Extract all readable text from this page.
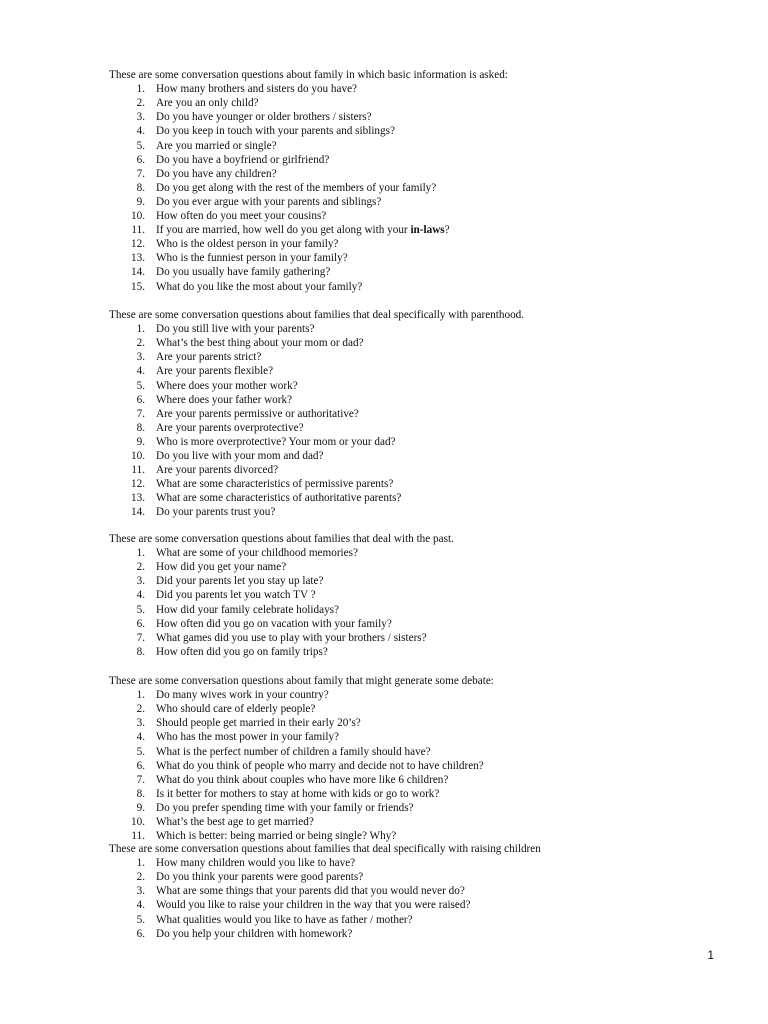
These are some conversation questions about family in which basic information is asked:

1. How many brothers and sisters do you have?
2. Are you an only child?
3. Do you have younger or older brothers / sisters?
4. Do you keep in touch with your parents and siblings?
5. Are you married or single?
6. Do you have a boyfriend or girlfriend?
7. Do you have any children?
8. Do you get along with the rest of the members of your family?
9. Do you ever argue with your parents and siblings?
10. How often do you meet your cousins?
11. If you are married, how well do you get along with your in-laws?
12. Who is the oldest person in your family?
13. Who is the funniest person in your family?
14. Do you usually have family gathering?
15. What do you like the most about your family?

These are some conversation questions about families that deal specifically with parenthood.

1. Do you still live with your parents?
2. What’s the best thing about your mom or dad?
3. Are your parents strict?
4. Are your parents flexible?
5. Where does your mother work?
6. Where does your father work?
7. Are your parents permissive or authoritative?
8. Are your parents overprotective?
9. Who is more overprotective? Your mom or your dad?
10. Do you live with your mom and dad?
11. Are your parents divorced?
12. What are some characteristics of permissive parents?
13. What are some characteristics of authoritative parents?
14. Do your parents trust you?

These are some conversation questions about families that deal with the past.

1. What are some of your childhood memories?
2. How did you get your name?
3. Did your parents let you stay up late?
4. Did you parents let you watch TV ?
5. How did your family celebrate holidays?
6. How often did you go on vacation with your family?
7. What games did you use to play with your brothers / sisters?
8. How often did you go on family trips?

These are some conversation questions about family that might generate some debate:

1. Do many wives work in your country?
2. Who should care of elderly people?
3. Should people get married in their early 20’s?
4. Who has the most power in your family?
5. What is the perfect number of children a family should have?
6. What do you think of people who marry and decide not to have children?
7. What do you think about couples who have more like 6 children?
8. Is it better for mothers to stay at home with kids or go to work?
9. Do you prefer spending time with your family or friends?
10. What’s the best age to get married?
11. Which is better: being married or being single? Why?

These are some conversation questions about families that deal specifically with raising children

1. How many children would you like to have?
2. Do you think your parents were good parents?
3. What are some things that your parents did that you would never do?
4. Would you like to raise your children in the way that you were raised?
5. What qualities would you like to have as father / mother?
6. Do you help your children with homework?
1
